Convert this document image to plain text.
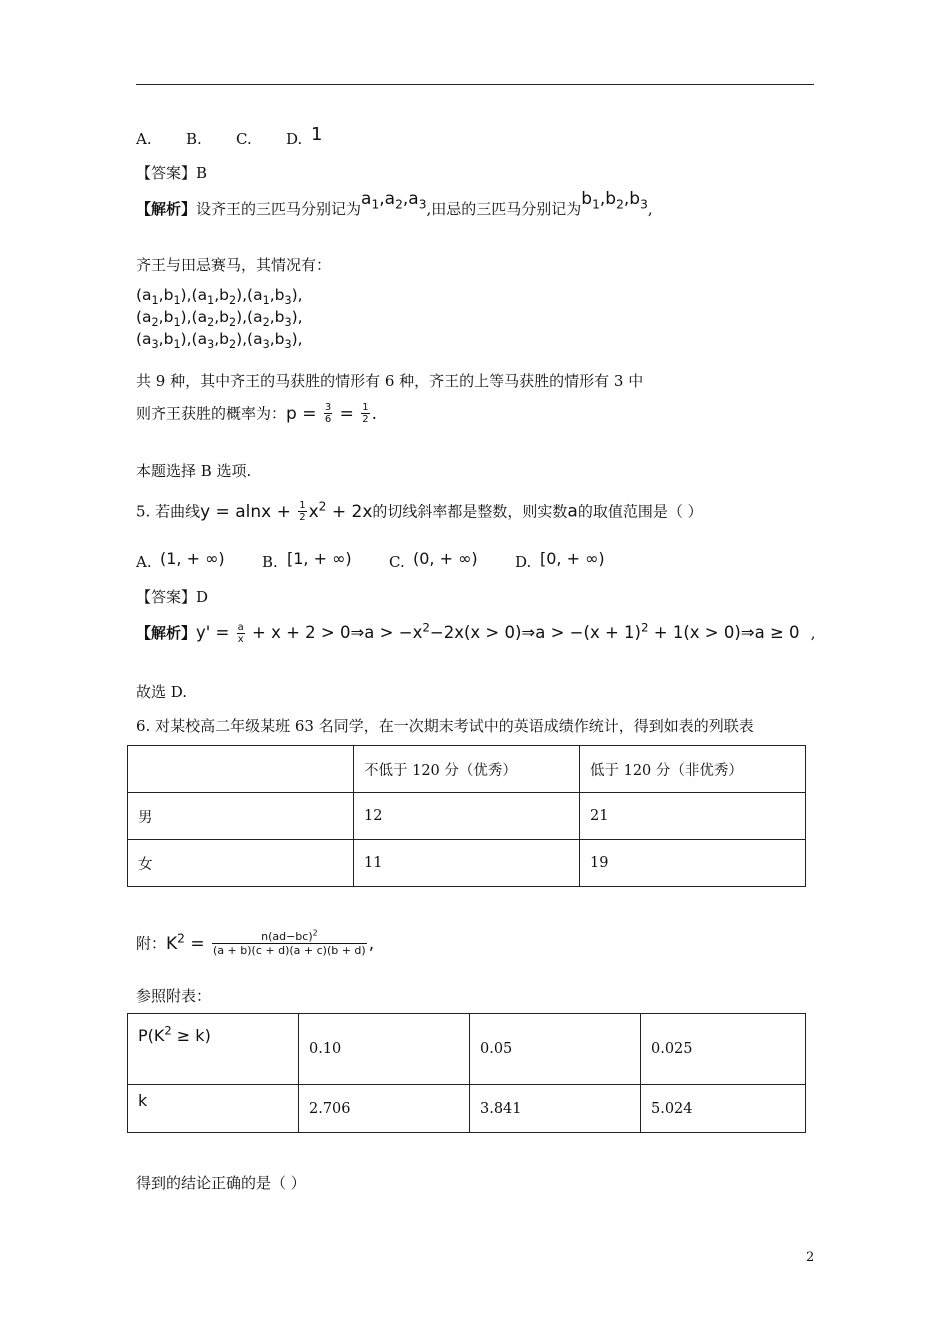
A. B. C. D. 1
【答案】B
【解析】设齐王的三匹马分别记为$a_1,a_2,a_3$,田忌的三匹马分别记为$b_1,b_2,b_3$,
齐王与田忌赛马，其情况有：
$(a_1,b_1),(a_1,b_2),(a_1,b_3)$,
$(a_2,b_1),(a_2,b_2),(a_2,b_3)$,
$(a_3,b_1),(a_3,b_2),(a_3,b_3)$,
共 9 种，其中齐王的马获胜的情形有 6 种，齐王的上等马获胜的情形有 3 中
则齐王获胜的概率为：$p = \frac{3}{6} = \frac{1}{2}$ .
本题选择 B 选项.
5. 若曲线$y = alnx + \frac{1}{2} x^2 + 2x$的切线斜率都是整数，则实数a的取值范围是（ ）
A. (1, + ∞) B. [1, + ∞) C. (0, + ∞) D. [0, + ∞)
【答案】D
【解析】$y' = \frac{a}{x} + x + 2$ > 0⇒a > $-x^2-2x(x$ > 0)⇒a > $-(x + 1)^2 + 1(x$ > 0)⇒a ≥ 0 ,
故选 D.
6. 对某校高二年级某班 63 名同学，在一次期末考试中的英语成绩作统计，得到如表的列联表
	不低于 120 分（优秀）	低于 120 分（非优秀）
男	12	21
女	11	19
附：$K^2 = \frac{n(ad-bc)^2}{(a + b)(c + d)(a + c)(b + d)}$ ,
参照附表：
$P(K^2 \ge k)$	0.10	0.05	0.025
k	2.706	3.841	5.024
得到的结论正确的是（ ）
2
